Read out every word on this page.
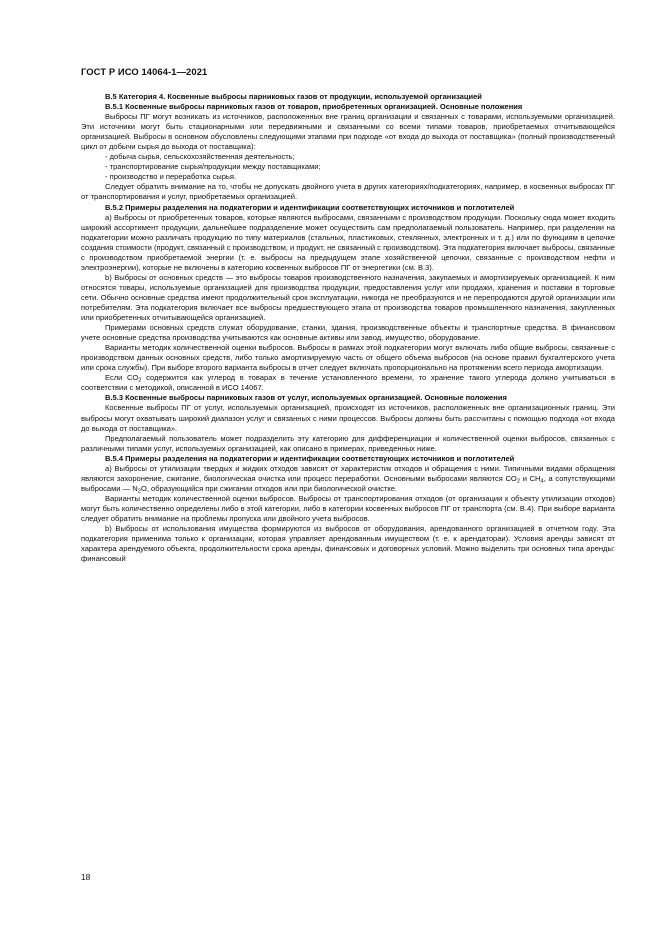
ГОСТ Р ИСО 14064-1—2021

B.5 Категория 4. Косвенные выбросы парниковых газов от продукции, используемой организацией

B.5.1 Косвенные выбросы парниковых газов от товаров, приобретенных организацией. Основные положения

Выбросы ПГ могут возникать из источников, расположенных вне границ организации и связанных с товарами, используемыми организацией. Эти источники могут быть стационарными или передвижными и связанными со всеми типами товаров, приобретаемых отчитывающейся организацией. Выбросы в основном обусловлены следующими этапами при подходе «от входа до выхода от поставщика» (полный производственный цикл от добычи сырья до выхода от поставщика):

- добыча сырья, сельскохозяйственная деятельность;

- транспортирование сырья/продукции между поставщиками;

- производство и переработка сырья.

Следует обратить внимание на то, чтобы не допускать двойного учета в других категориях/подкатегориях, например, в косвенных выбросах ПГ от транспортирования и услуг, приобретаемых организацией.

B.5.2 Примеры разделения на подкатегории и идентификации соответствующих источников и поглотителей

a) Выбросы от приобретенных товаров, которые являются выбросами, связанными с производством продукции. Поскольку сюда может входить широкий ассортимент продукции, дальнейшее подразделение может осуществить сам предполагаемый пользователь. Например, при разделении на подкатегории можно различать продукцию по типу материалов (стальных, пластиковых, стеклянных, электронных и т. д.) или по функциям в цепочке создания стоимости (продукт, связанный с производством, и продукт, не связанный с производством). Эта подкатегория включает выбросы, связанные с производством приобретаемой энергии (т. е. выбросы на предыдущем этапе хозяйственной цепочки, связанные с производством нефти и электроэнергии), которые не включены в категорию косвенных выбросов ПГ от энергетики (см. B.3).

b) Выбросы от основных средств — это выбросы товаров производственного назначения, закупаемых и амортизируемых организацией. К ним относятся товары, используемые организацией для производства продукции, предоставления услуг или продажи, хранения и поставки в торговые сети. Обычно основные средства имеют продолжительный срок эксплуатации, никогда не преобразуются и не перепродаются другой организации или потребителям. Эта подкатегория включает все выбросы предшествующего этапа от производства товаров промышленного назначения, закупленных или приобретенных отчитывающейся организацией.

Примерами основных средств служат оборудование, станки, здания, производственные объекты и транспортные средства. В финансовом учете основные средства производства учитываются как основные активы или завод, имущество, оборудование.

Варианты методик количественной оценки выбросов. Выбросы в рамках этой подкатегории могут включать либо общие выбросы, связанные с производством данных основных средств, либо только амортизируемую часть от общего объема выбросов (на основе правил бухгалтерского учета или срока службы). При выборе второго варианта выбросы в отчет следует включать пропорционально на протяжении всего периода амортизации.

Если $CO_2$ содержится как углерод в товарах в течение установленного времени, то хранение такого углерода должно учитываться в соответствии с методикой, описанной в ИСО 14067.

B.5.3 Косвенные выбросы парниковых газов от услуг, используемых организацией. Основные положения

Косвенные выбросы ПГ от услуг, используемых организацией, происходят из источников, расположенных вне организационных границ. Эти выбросы могут охватывать широкий диапазон услуг и связанных с ними процессов. Выбросы должны быть рассчитаны с помощью подхода «от входа до выхода от поставщика».

Предполагаемый пользователь может подразделить эту категорию для дифференциации и количественной оценки выбросов, связанных с различными типами услуг, используемых организацией, как описано в примерах, приведенных ниже.

B.5.4 Примеры разделения на подкатегории и идентификации соответствующих источников и поглотителей

a) Выбросы от утилизации твердых и жидких отходов зависят от характеристик отходов и обращения с ними. Типичными видами обращения являются захоронение, сжигание, биологическая очистка или процесс переработки. Основными выбросами являются $CO_2$ и $CH_4$, а сопутствующими выбросами — $N_2O$, образующийся при сжигании отходов или при биологической очистке.

Варианты методик количественной оценки выбросов. Выбросы от транспортирования отходов (от организации к объекту утилизации отходов) могут быть количественно определены либо в этой категории, либо в категории косвенных выбросов ПГ от транспорта (см. B.4). При выборе варианта следует обратить внимание на проблемы пропуска или двойного учета выбросов.

b) Выбросы от использования имущества формируются из выбросов от оборудования, арендованного организацией в отчетном году. Эта подкатегория применима только к организации, которая управляет арендованным имуществом (т. е. к арендатораи). Условия аренды зависят от характера арендуемого объекта, продолжительности срока аренды, финансовых и договорных условий. Можно выделить три основных типа аренды: финансовый

18
